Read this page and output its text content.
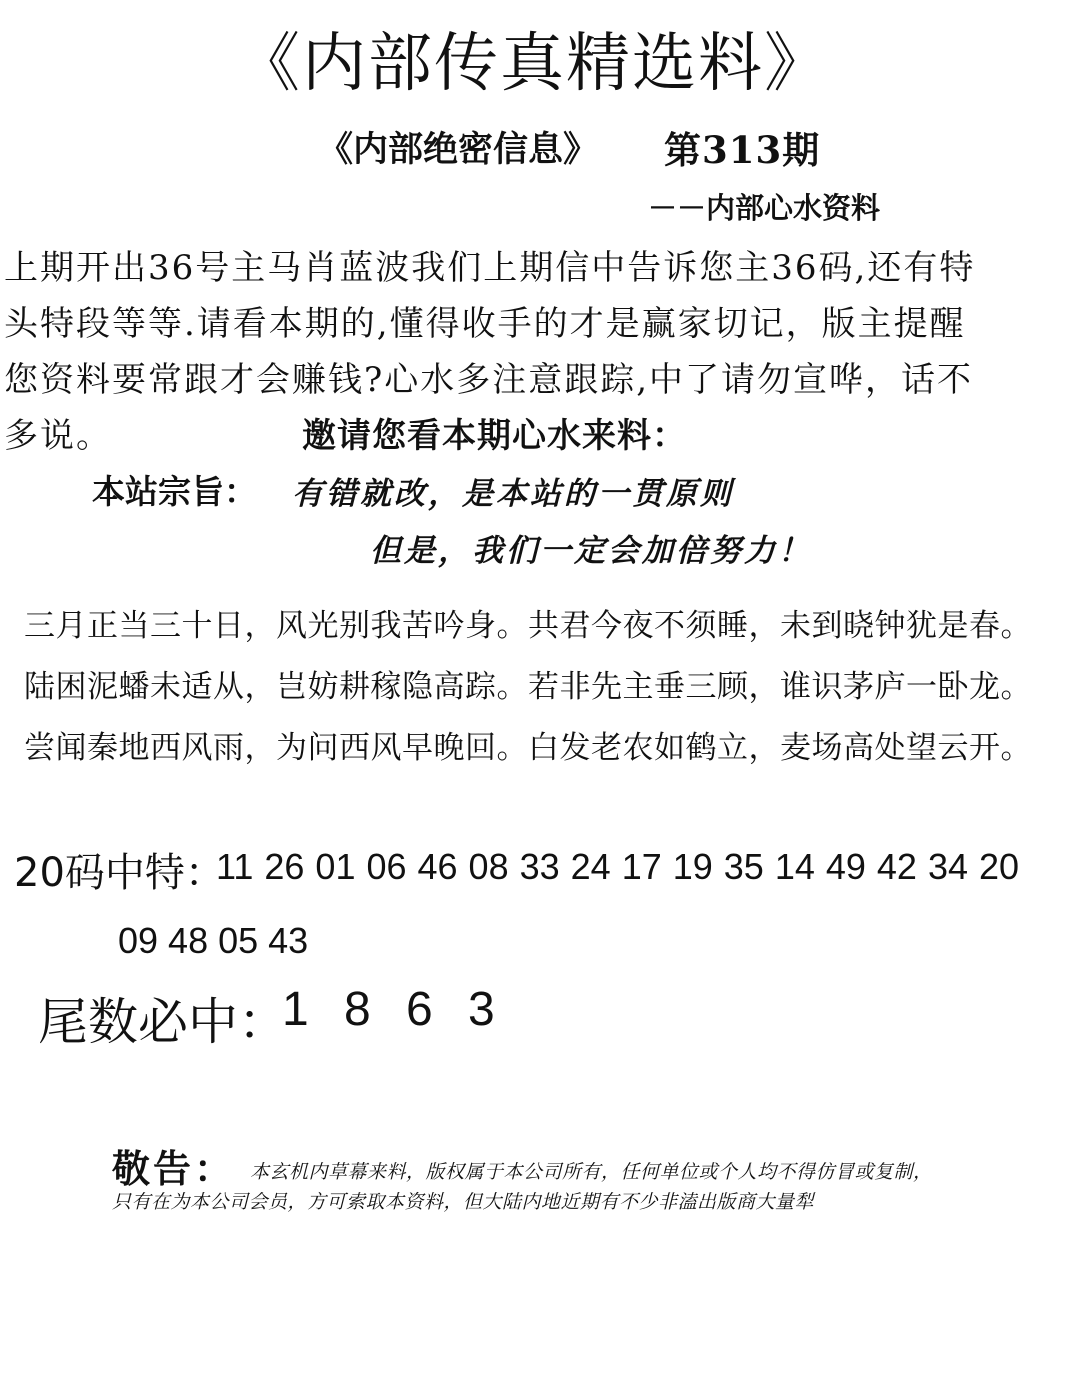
《内部传真精选料》
《内部绝密信息》 第313期
－－内部心水资料
上期开出36号主马肖蓝波我们上期信中告诉您主36码,还有特
头特段等等.请看本期的,懂得收手的才是赢家切记，版主提醒
您资料要常跟才会赚钱?心水多注意跟踪,中了请勿宣哗，话不
多说。	邀请您看本期心水来料：
本站宗旨： 有错就改，是本站的一贯原则
但是，我们一定会加倍努力！
三月正当三十日，风光别我苦吟身。共君今夜不须睡，未到晓钟犹是春。
陆困泥蟠未适从，岂妨耕稼隐高踪。若非先主垂三顾，谁识茅庐一卧龙。
尝闻秦地西风雨，为问西风早晚回。白发老农如鹤立，麦场高处望云开。
20码中特：
11 26 01 06 46 08 33 24 17 19 35 14 49 42 34 20
09 48 05 43
尾数必中：
1 8 6 3
敬告： 本玄机内草幕来料，版权属于本公司所有，任何单位或个人均不得仿冒或复制，
只有在为本公司会员，方可索取本资料，但大陆内地近期有不少非溘出版商大量犁
